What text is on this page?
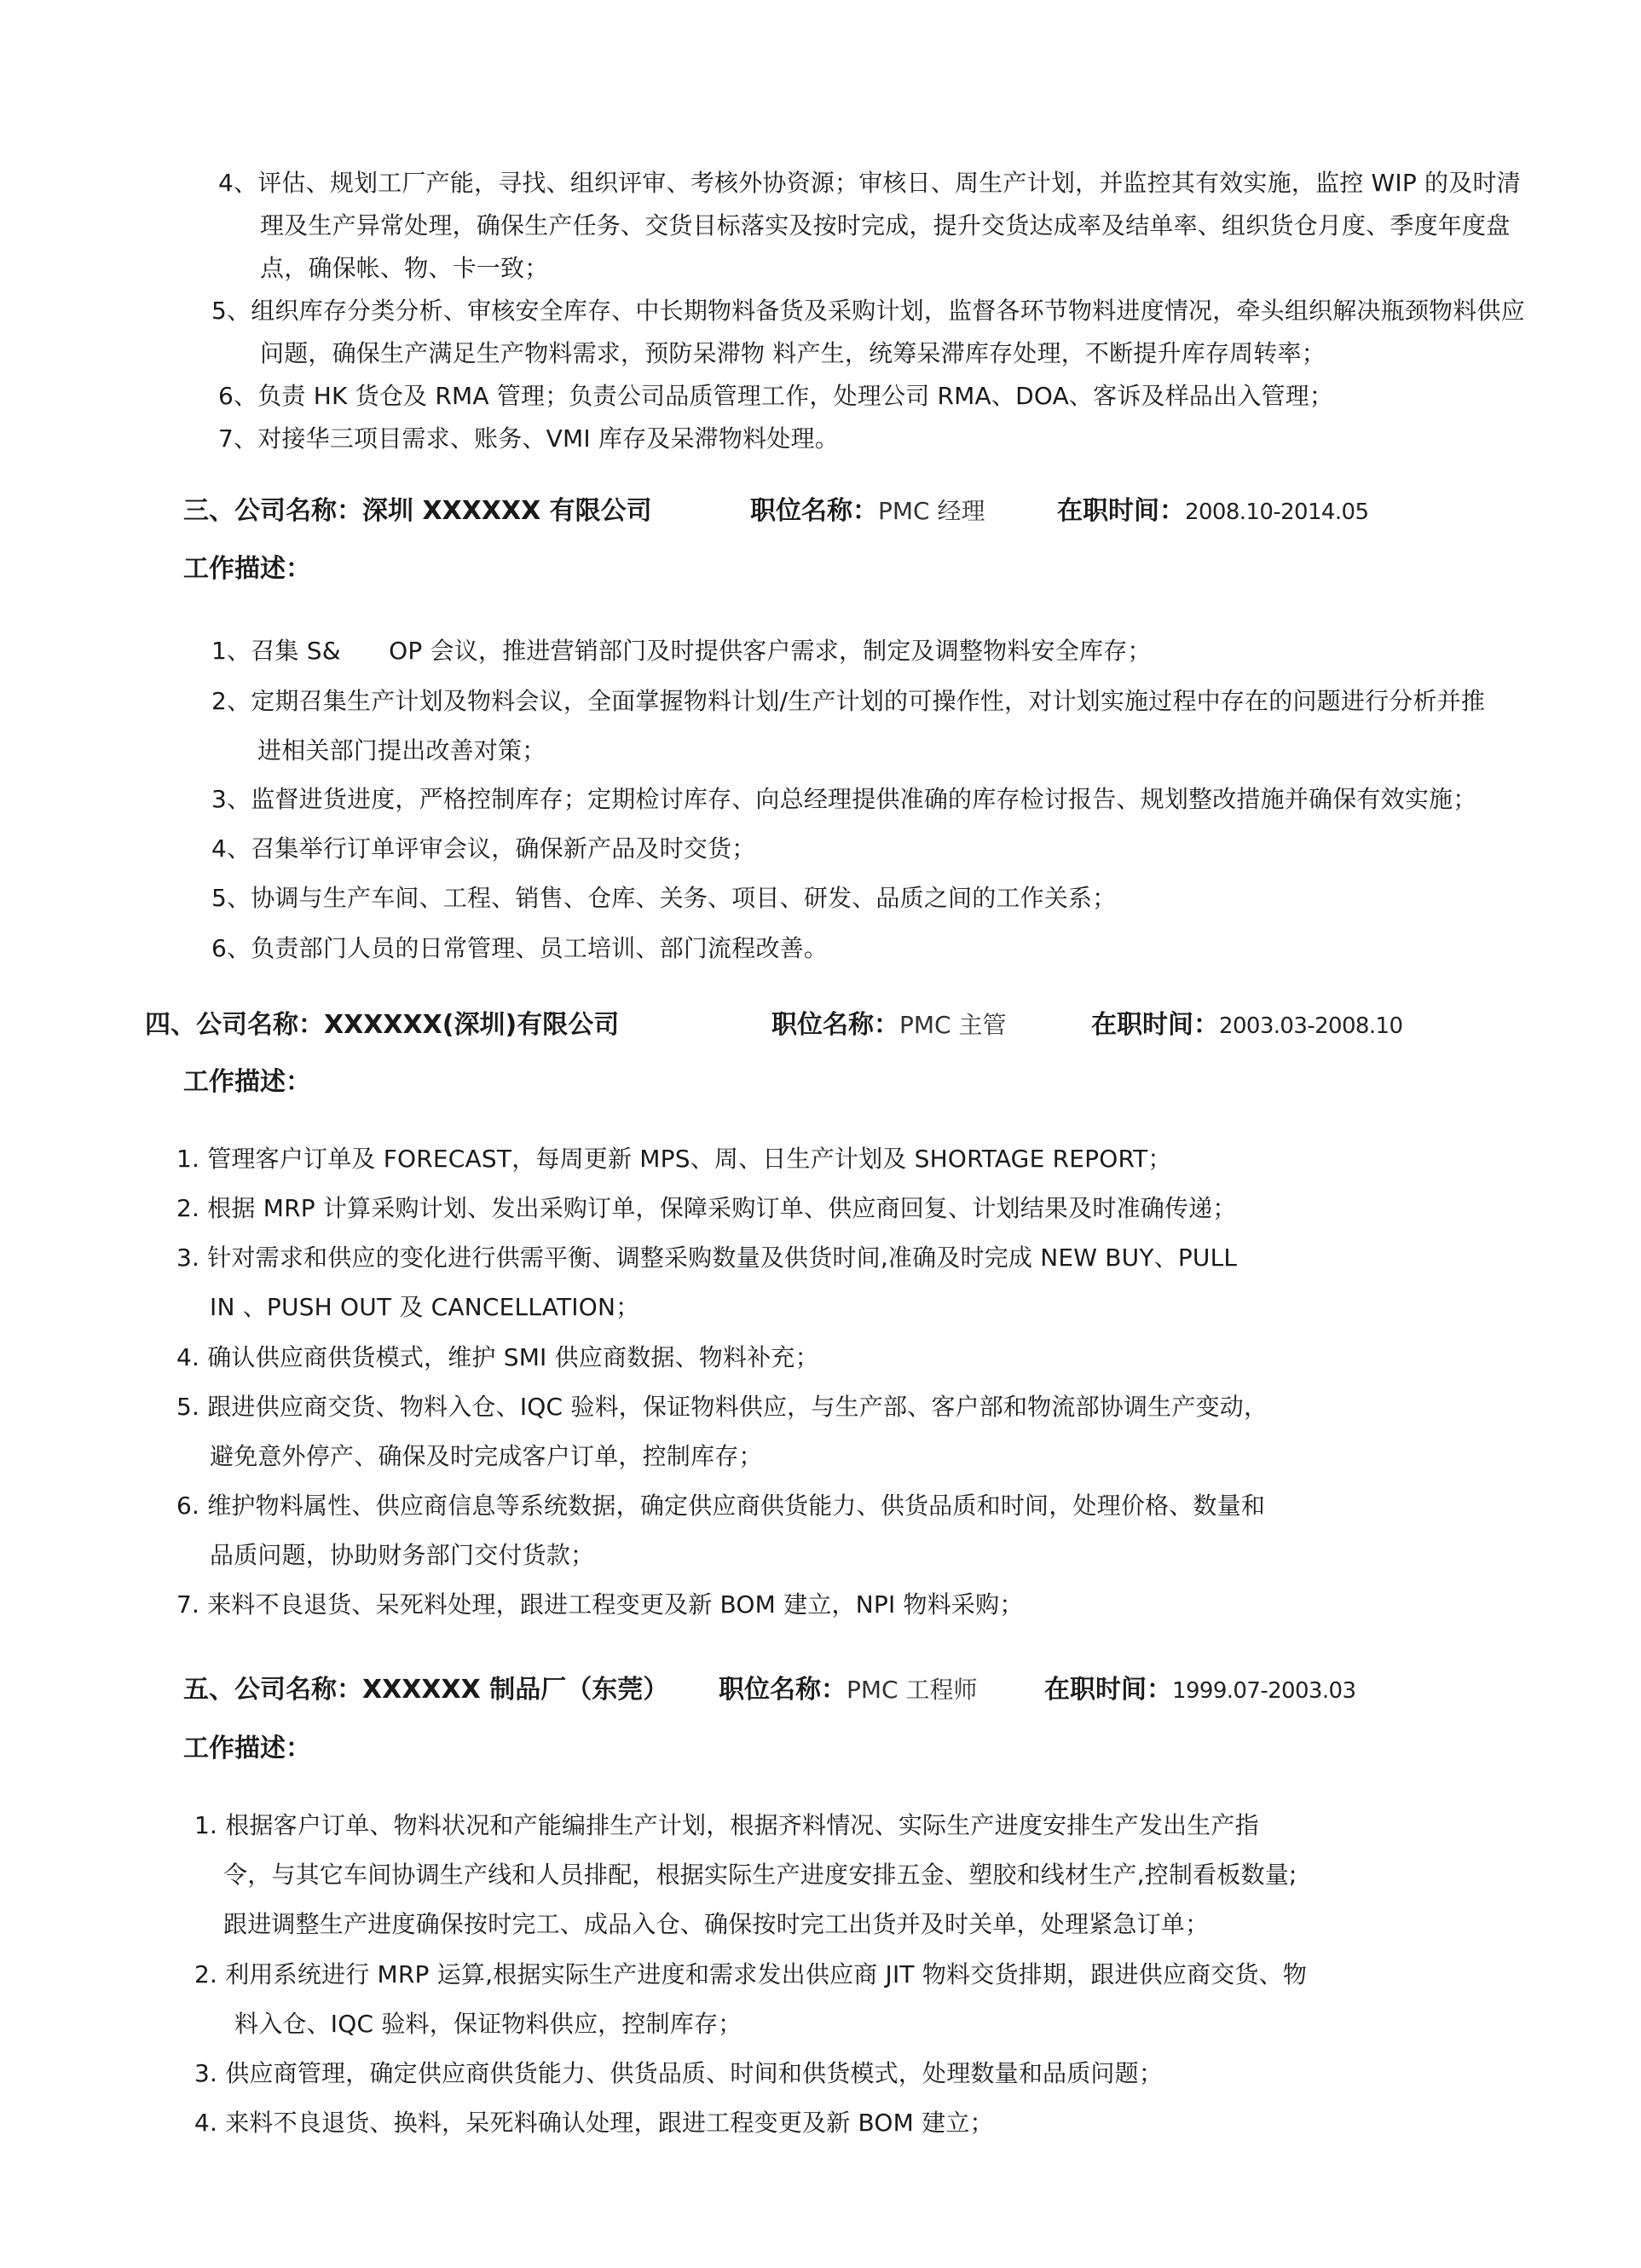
4、评估、规划工厂产能，寻找、组织评审、考核外协资源；审核日、周生产计划，并监控其有效实施，监控 WIP 的及时清
理及生产异常处理，确保生产任务、交货目标落实及按时完成，提升交货达成率及结单率、组织货仓月度、季度年度盘
点，确保帐、物、卡一致；
5、组织库存分类分析、审核安全库存、中长期物料备货及采购计划，监督各环节物料进度情况，牵头组织解决瓶颈物料供应
问题，确保生产满足生产物料需求，预防呆滞物 料产生，统筹呆滞库存处理，不断提升库存周转率；
6、负责 HK 货仓及 RMA 管理；负责公司品质管理工作，处理公司 RMA、DOA、客诉及样品出入管理；
7、对接华三项目需求、账务、VMI 库存及呆滞物料处理。
三、公司名称：深圳 XXXXXX 有限公司	职位名称：PMC 经理	在职时间：2008.10-2014.05
工作描述：
1、召集 S&　　OP 会议，推进营销部门及时提供客户需求，制定及调整物料安全库存；
2、定期召集生产计划及物料会议，全面掌握物料计划/生产计划的可操作性，对计划实施过程中存在的问题进行分析并推
进相关部门提出改善对策；
3、监督进货进度，严格控制库存；定期检讨库存、向总经理提供准确的库存检讨报告、规划整改措施并确保有效实施；
4、召集举行订单评审会议，确保新产品及时交货；
5、协调与生产车间、工程、销售、仓库、关务、项目、研发、品质之间的工作关系；
6、负责部门人员的日常管理、员工培训、部门流程改善。
四、公司名称：XXXXXX(深圳)有限公司	职位名称：PMC 主管	在职时间：2003.03-2008.10
工作描述：
1. 管理客户订单及 FORECAST，每周更新 MPS、周、日生产计划及 SHORTAGE REPORT；
2. 根据 MRP 计算采购计划、发出采购订单，保障采购订单、供应商回复、计划结果及时准确传递；
3. 针对需求和供应的变化进行供需平衡、调整采购数量及供货时间,准确及时完成 NEW BUY、PULL
IN 、PUSH OUT 及 CANCELLATION；
4. 确认供应商供货模式，维护 SMI 供应商数据、物料补充；
5. 跟进供应商交货、物料入仓、IQC 验料，保证物料供应，与生产部、客户部和物流部协调生产变动，
避免意外停产、确保及时完成客户订单，控制库存；
6. 维护物料属性、供应商信息等系统数据，确定供应商供货能力、供货品质和时间，处理价格、数量和
品质问题，协助财务部门交付货款；
7. 来料不良退货、呆死料处理，跟进工程变更及新 BOM 建立，NPI 物料采购；
五、公司名称：XXXXXX 制品厂（东莞） 职位名称：PMC 工程师	在职时间：1999.07-2003.03
工作描述：
1. 根据客户订单、物料状况和产能编排生产计划，根据齐料情况、实际生产进度安排生产发出生产指
令，与其它车间协调生产线和人员排配，根据实际生产进度安排五金、塑胶和线材生产,控制看板数量;
跟进调整生产进度确保按时完工、成品入仓、确保按时完工出货并及时关单，处理紧急订单；
2. 利用系统进行 MRP 运算,根据实际生产进度和需求发出供应商 JIT 物料交货排期，跟进供应商交货、物
料入仓、IQC 验料，保证物料供应，控制库存；
3. 供应商管理，确定供应商供货能力、供货品质、时间和供货模式，处理数量和品质问题；
4. 来料不良退货、换料，呆死料确认处理，跟进工程变更及新 BOM 建立；
